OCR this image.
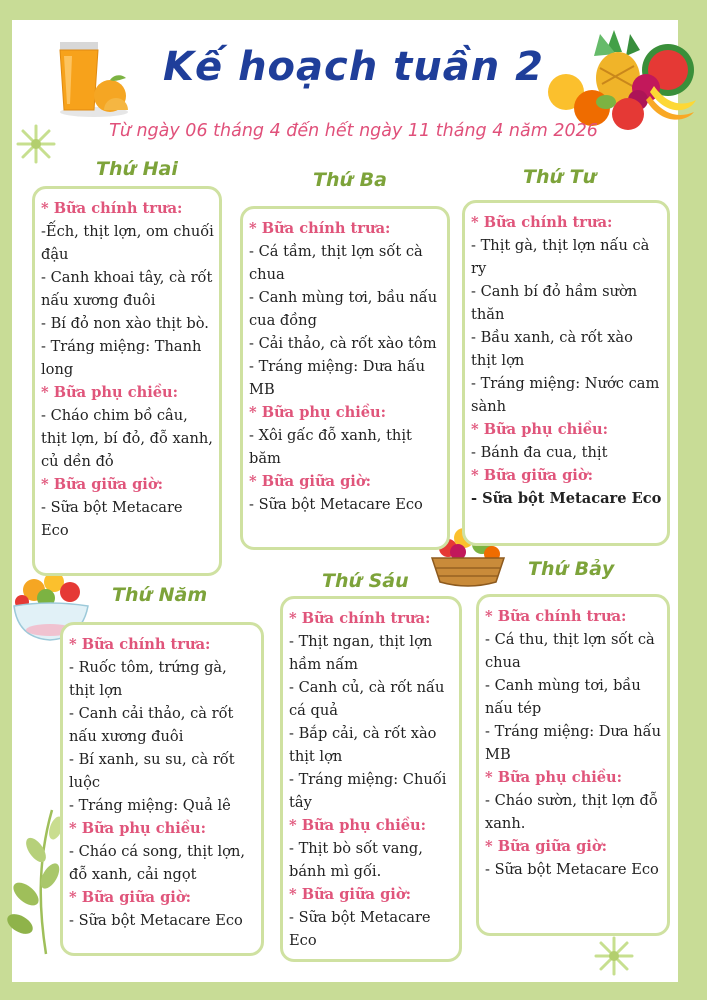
Kế hoạch tuần 2
Từ ngày 06 tháng 4 đến hết ngày 11 tháng 4 năm 2026
Thứ Hai	Thứ Ba	Thứ Tư
Thứ Năm
Thứ Sáu
Thứ Bảy
* Bữa chính trưa:
-Ếch, thịt lợn, om chuối đậu
- Canh khoai tây, cà rốt nấu xương đuôi
- Bí đỏ non xào thịt bò.
- Tráng miệng: Thanh long
* Bữa phụ chiều:
- Cháo chim bồ câu, thịt lợn, bí đỏ, đỗ xanh, củ dền đỏ
* Bữa giữa giờ:
- Sữa bột Metacare Eco
* Bữa chính trưa:
- Cá tầm, thịt lợn sốt cà chua
- Canh mùng tơi, bầu nấu cua đồng
- Cải thảo, cà rốt xào tôm
- Tráng miệng: Dưa hấu MB
* Bữa phụ chiều:
- Xôi gấc đỗ xanh, thịt băm
* Bữa giữa giờ:
- Sữa bột Metacare Eco
* Bữa chính trưa:
- Thịt gà, thịt lợn nấu cà ry
- Canh bí đỏ hầm sườn thăn
- Bầu xanh, cà rốt xào thịt lợn
- Tráng miệng: Nước cam sành
* Bữa phụ chiều:
- Bánh đa cua, thịt
* Bữa giữa giờ:
- Sữa bột Metacare Eco
* Bữa chính trưa:
- Ruốc tôm, trứng gà, thịt lợn
- Canh cải thảo, cà rốt nấu xương đuôi
- Bí xanh, su su, cà rốt luộc
- Tráng miệng: Quả lê
* Bữa phụ chiều:
- Cháo cá song, thịt lợn, đỗ xanh, cải ngọt
* Bữa giữa giờ:
- Sữa bột Metacare Eco
* Bữa chính trưa:
- Thịt ngan, thịt lợn hầm nấm
- Canh củ, cà rốt nấu cá quả
- Bắp cải, cà rốt xào thịt lợn
- Tráng miệng: Chuối tây
* Bữa phụ chiều:
- Thịt bò sốt vang, bánh mì gối.
* Bữa giữa giờ:
- Sữa bột Metacare Eco
* Bữa chính trưa:
- Cá thu, thịt lợn sốt cà chua
- Canh mùng tơi, bầu nấu tép
- Tráng miệng: Dưa hấu MB
* Bữa phụ chiều:
- Cháo sườn, thịt lợn đỗ xanh.
* Bữa giữa giờ:
- Sữa bột Metacare Eco
